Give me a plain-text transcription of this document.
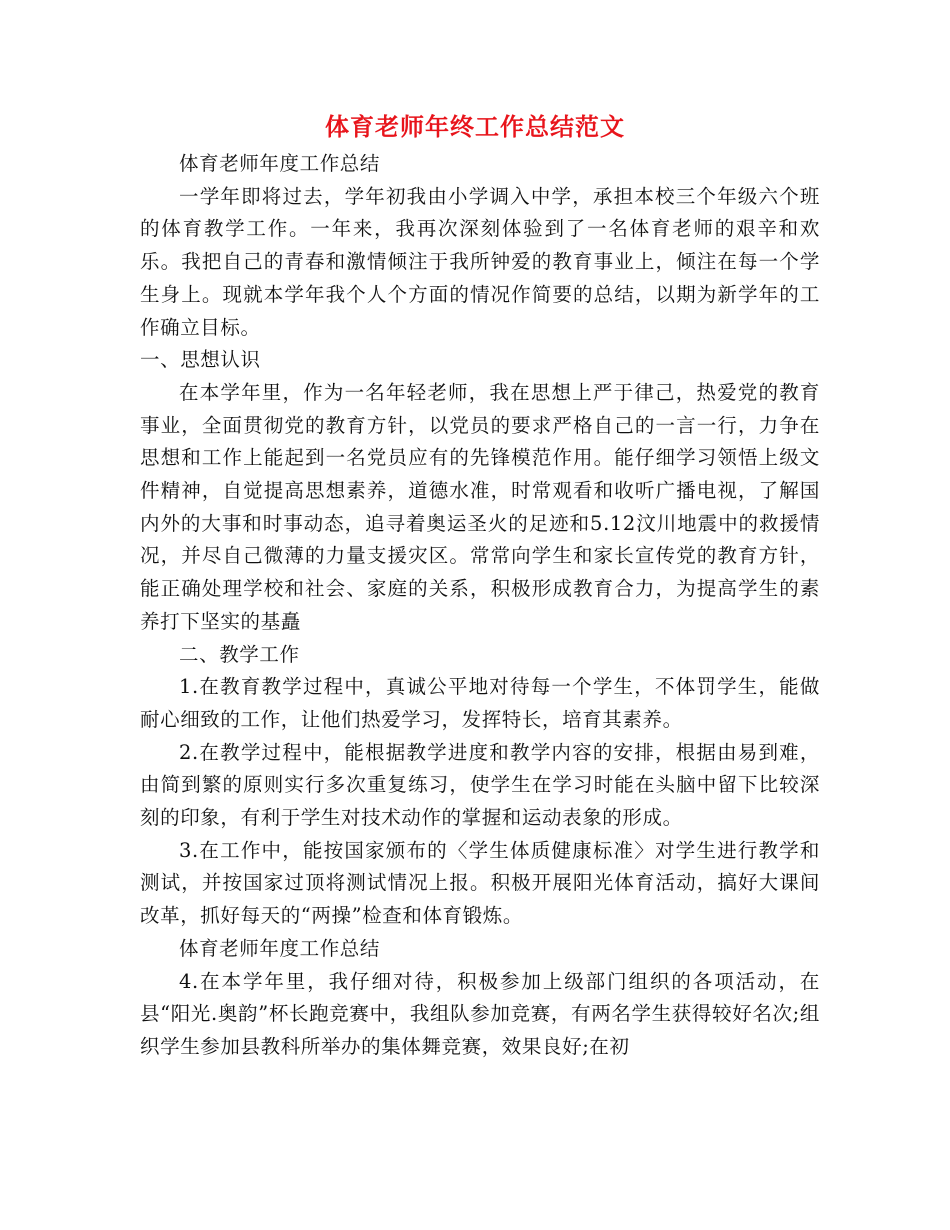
体育老师年终工作总结范文

体育老师年度工作总结

一学年即将过去，学年初我由小学调入中学，承担本校三个年级六个班的体育教学工作。一年来，我再次深刻体验到了一名体育老师的艰辛和欢乐。我把自己的青春和激情倾注于我所钟爱的教育事业上，倾注在每一个学生身上。现就本学年我个人个方面的情况作简要的总结，以期为新学年的工作确立目标。

一、思想认识

在本学年里，作为一名年轻老师，我在思想上严于律己，热爱党的教育事业，全面贯彻党的教育方针，以党员的要求严格自己的一言一行，力争在思想和工作上能起到一名党员应有的先锋模范作用。能仔细学习领悟上级文件精神，自觉提高思想素养，道德水准，时常观看和收听广播电视，了解国内外的大事和时事动态，追寻着奥运圣火的足迹和5.12汶川地震中的救援情况，并尽自己微薄的力量支援灾区。常常向学生和家长宣传党的教育方针，能正确处理学校和社会、家庭的关系，积极形成教育合力，为提高学生的素养打下坚实的基矗

二、教学工作

1.在教育教学过程中，真诚公平地对待每一个学生，不体罚学生，能做耐心细致的工作，让他们热爱学习，发挥特长，培育其素养。

2.在教学过程中，能根据教学进度和教学内容的安排，根据由易到难，由简到繁的原则实行多次重复练习，使学生在学习时能在头脑中留下比较深刻的印象，有利于学生对技术动作的掌握和运动表象的形成。

3.在工作中，能按国家颁布的〈学生体质健康标准〉对学生进行教学和测试，并按国家过顶将测试情况上报。积极开展阳光体育活动，搞好大课间改革，抓好每天的“两操”检查和体育锻炼。

体育老师年度工作总结

4.在本学年里，我仔细对待，积极参加上级部门组织的各项活动，在县“阳光.奥韵”杯长跑竞赛中，我组队参加竞赛，有两名学生获得较好名次;组织学生参加县教科所举办的集体舞竞赛，效果良好;在初
